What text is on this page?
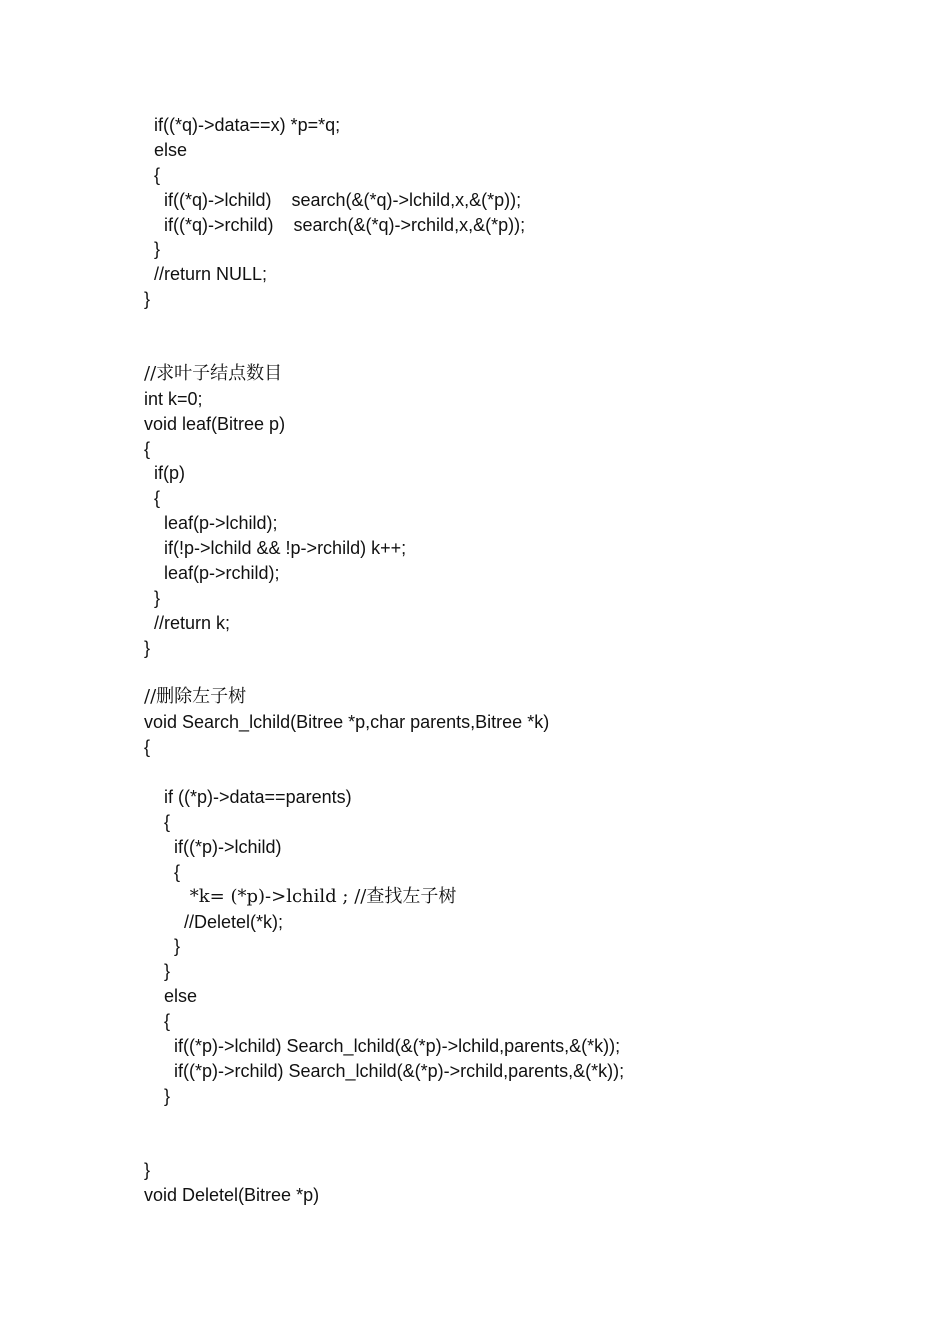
if((*q)->data==x) *p=*q;
else
{
if((*q)->lchild)    search(&(*q)->lchild,x,&(*p));
if((*q)->rchild)    search(&(*q)->rchild,x,&(*p));
}
//return NULL;
}
//求叶子结点数目
int k=0;
void leaf(Bitree p)
{
if(p)
{
leaf(p->lchild);
if(!p->lchild && !p->rchild) k++;
leaf(p->rchild);
}
//return k;
}
//删除左子树
void Search_lchild(Bitree *p,char parents,Bitree *k)
{
if ((*p)->data==parents)
{
if((*p)->lchild)
{
*k= (*p)->lchild ; //查找左子树
//Deletel(*k);
}
}
else
{
if((*p)->lchild) Search_lchild(&(*p)->lchild,parents,&(*k));
if((*p)->rchild) Search_lchild(&(*p)->rchild,parents,&(*k));
}
}
void Deletel(Bitree *p)
